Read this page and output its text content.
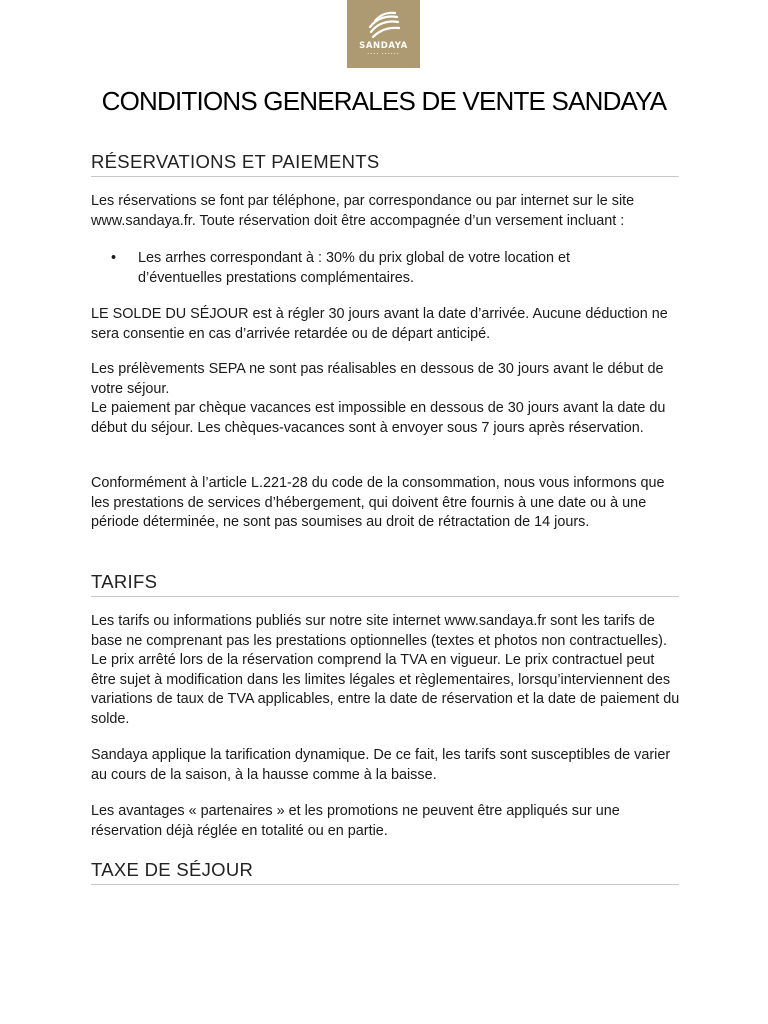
SANDAYA
•••• ••••••
CONDITIONS GENERALES DE VENTE SANDAYA
RÉSERVATIONS ET PAIEMENTS

Les réservations se font par téléphone, par correspondance ou par internet sur le site www.sandaya.fr. Toute réservation doit être accompagnée d’un versement incluant :

• Les arrhes correspondant à : 30% du prix global de votre location et d’éventuelles prestations complémentaires.

LE SOLDE DU SÉJOUR est à régler 30 jours avant la date d’arrivée. Aucune déduction ne sera consentie en cas d’arrivée retardée ou de départ anticipé.

Les prélèvements SEPA ne sont pas réalisables en dessous de 30 jours avant le début de votre séjour.

Le paiement par chèque vacances est impossible en dessous de 30 jours avant la date du début du séjour. Les chèques-vacances sont à envoyer sous 7 jours après réservation.

Conformément à l’article L.221-28 du code de la consommation, nous vous informons que les prestations de services d’hébergement, qui doivent être fournis à une date ou à une période déterminée, ne sont pas soumises au droit de rétractation de 14 jours.

TARIFS

Les tarifs ou informations publiés sur notre site internet www.sandaya.fr sont les tarifs de base ne comprenant pas les prestations optionnelles (textes et photos non contractuelles). Le prix arrêté lors de la réservation comprend la TVA en vigueur. Le prix contractuel peut être sujet à modification dans les limites légales et règlementaires, lorsqu’interviennent des variations de taux de TVA applicables, entre la date de réservation et la date de paiement du solde.

Sandaya applique la tarification dynamique. De ce fait, les tarifs sont susceptibles de varier au cours de la saison, à la hausse comme à la baisse.

Les avantages « partenaires » et les promotions ne peuvent être appliqués sur une réservation déjà réglée en totalité ou en partie.

TAXE DE SÉJOUR
